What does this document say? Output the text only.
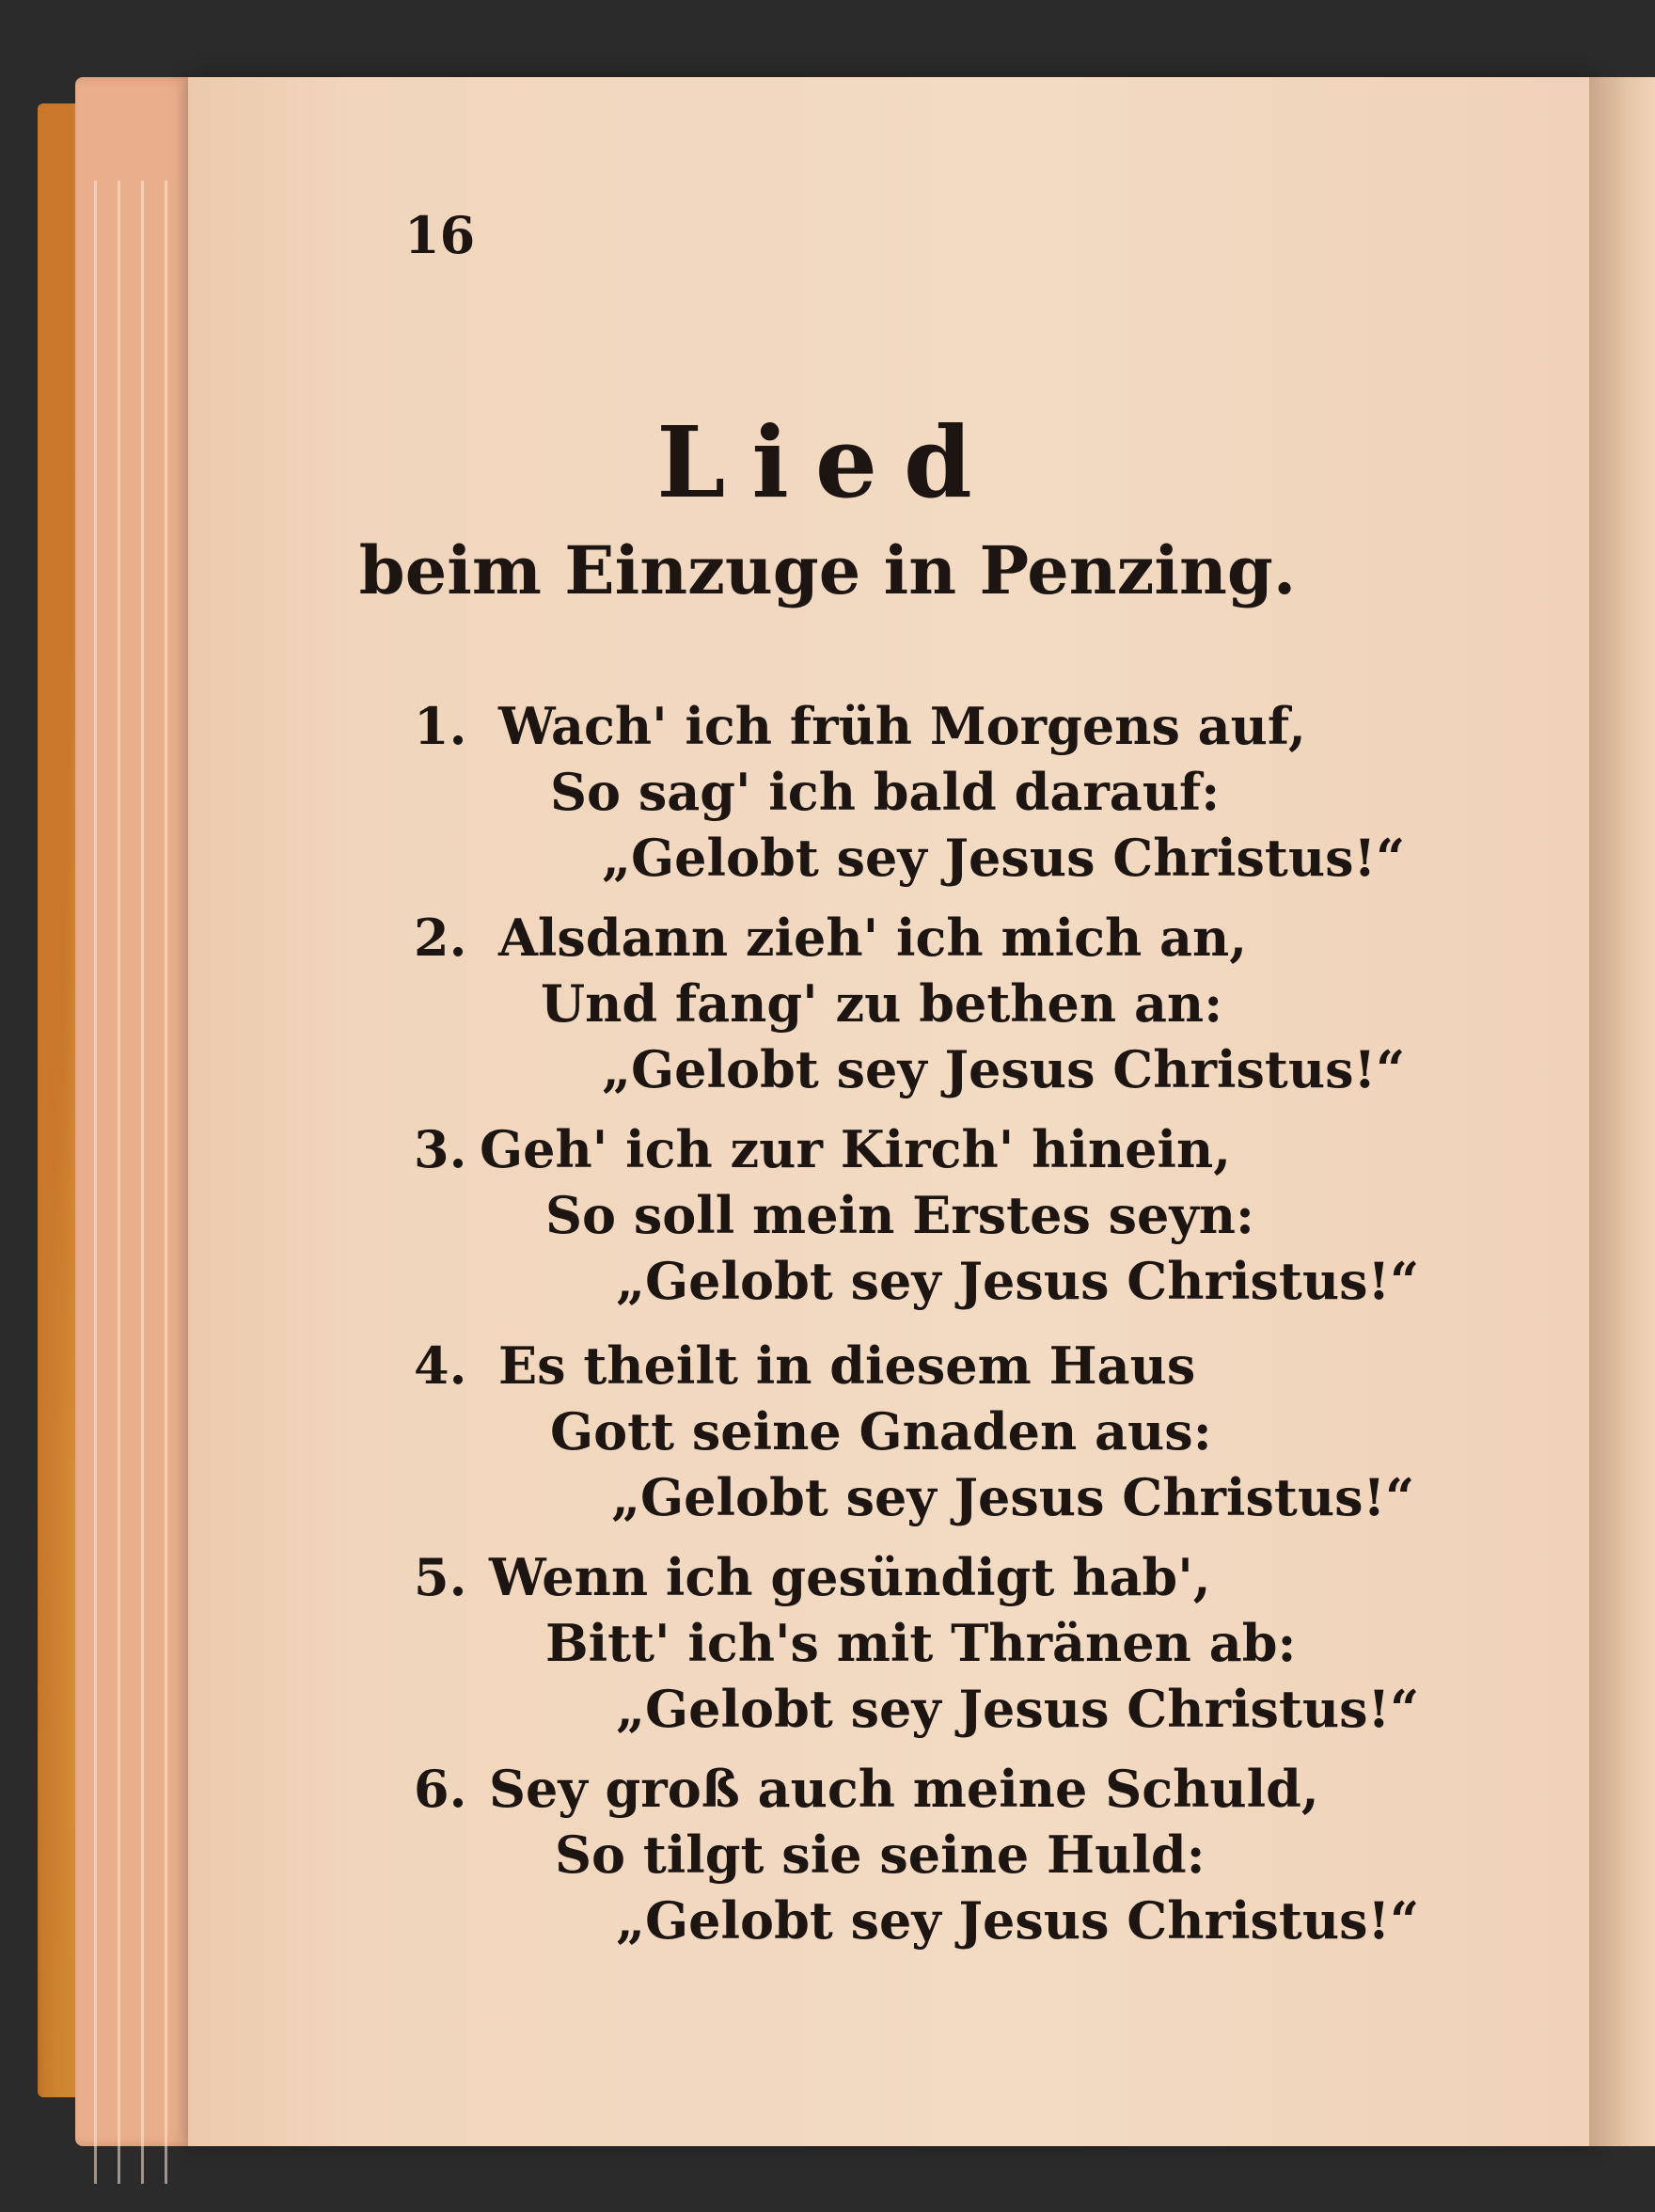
16
Lied
beim Einzuge in Penzing.
1. Wach' ich früh Morgens auf,
So sag' ich bald darauf:
„Gelobt sey Jesus Christus!“
2. Alsdann zieh' ich mich an,
Und fang' zu bethen an:
„Gelobt sey Jesus Christus!“
3. Geh' ich zur Kirch' hinein,
So soll mein Erstes seyn:
„Gelobt sey Jesus Christus!“
4. Es theilt in diesem Haus
Gott seine Gnaden aus:
„Gelobt sey Jesus Christus!“
5. Wenn ich gesündigt hab',
Bitt' ich's mit Thränen ab:
„Gelobt sey Jesus Christus!“
6. Sey groß auch meine Schuld,
So tilgt sie seine Huld:
„Gelobt sey Jesus Christus!“
